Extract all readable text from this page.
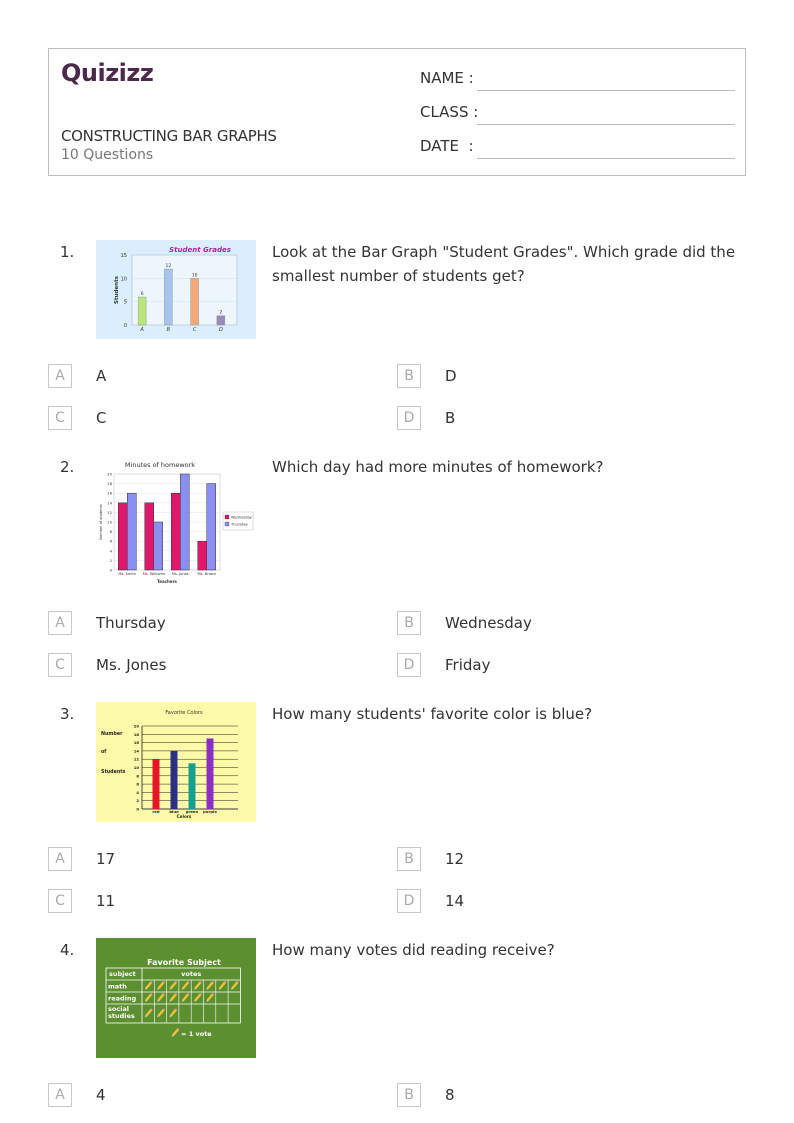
Quizizz
CONSTRUCTING BAR GRAPHS
10 Questions
NAME :
CLASS :
DATE  :
1.	Student Grades
0
5
10
15
Students	6
A
12
B
10
C
2
D
Look at the Bar Graph "Student Grades". Which grade did the smallest number of students get?
A	A	B	D
C	C	D	B
2.	Minutes of homework
0
2
4
6
8
10
12
14
16
18
20
Number of students
Teachers
Ms. Smith Ms. Williams Ms. Jones Ms. Brown
Wednesday
Thursday
Which day had more minutes of homework?
A	Thursday	B	Wednesday
C	Ms. Jones	D	Friday
3.	Favorite Colors
0
2
4
6
8
10
12
14
16
18
20
Number
of
Students
Colors
red	blue green purple
How many students' favorite color is blue?
A	17	B	12
C	11	D	14
4.
Favorite Subject
subject	votes
math
reading
social
studies
= 1 vote
How many votes did reading receive?
A	4	B	8
